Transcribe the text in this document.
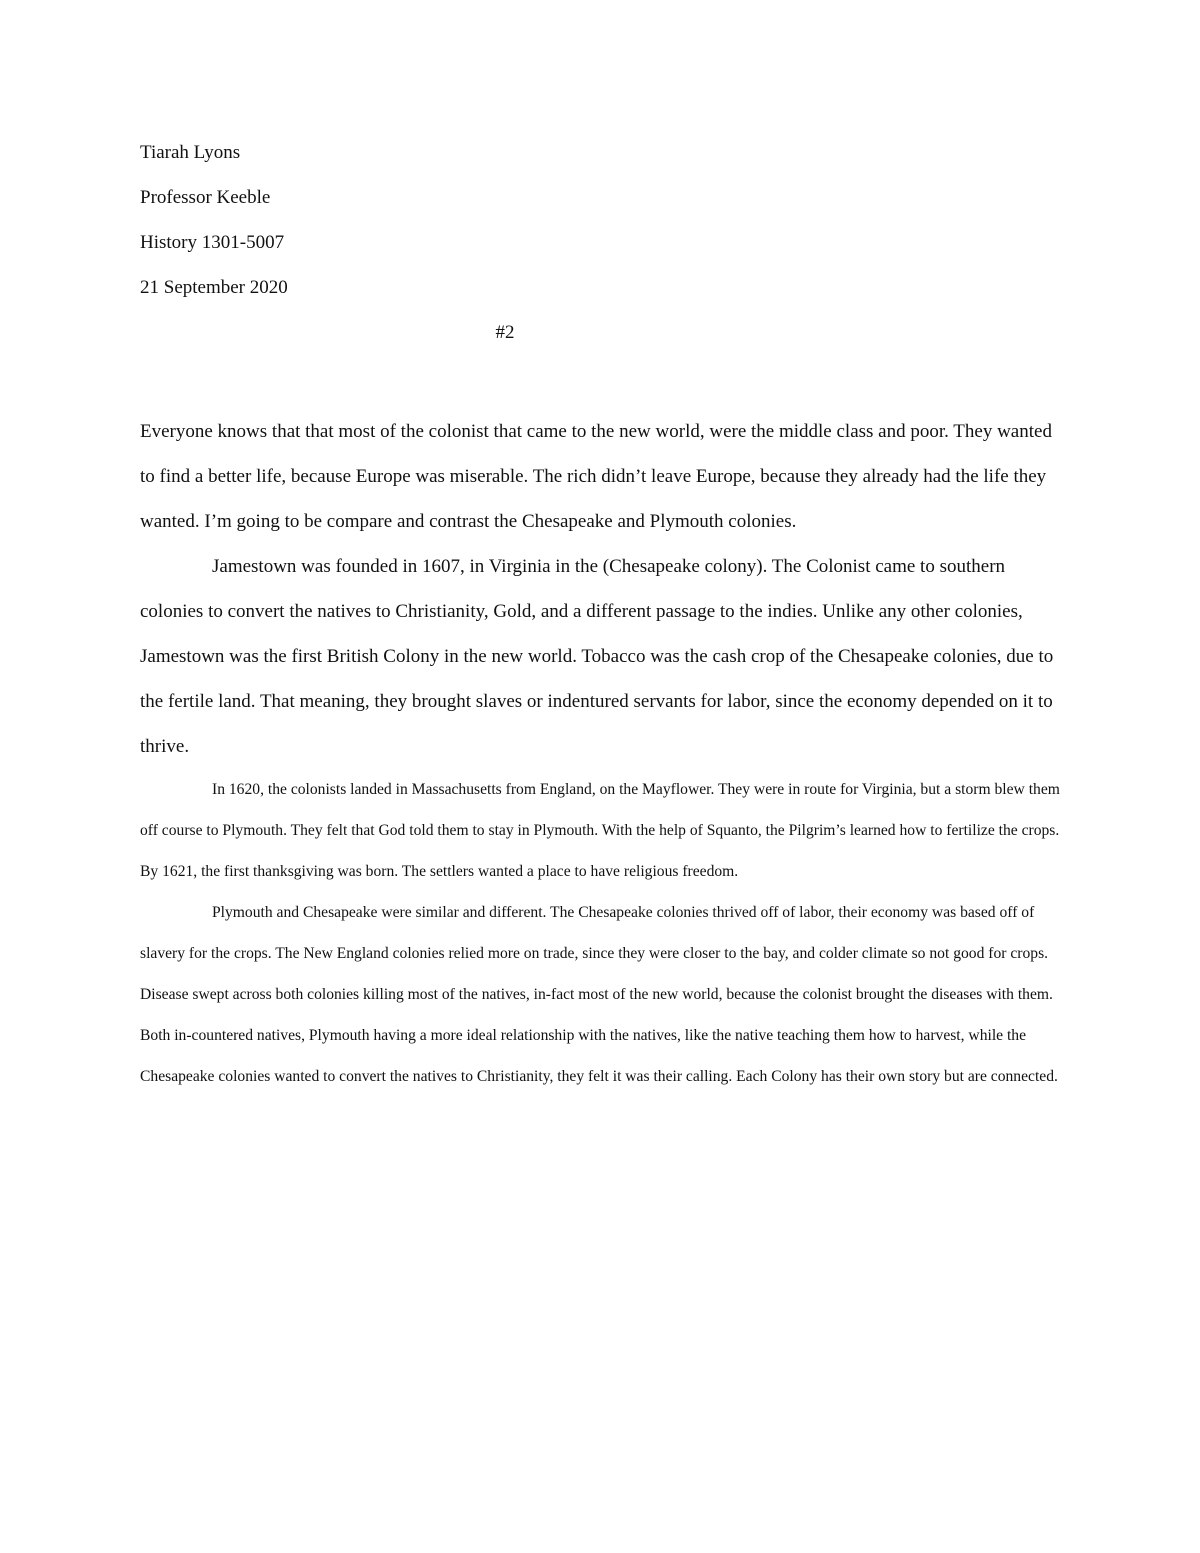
Tiarah Lyons
Professor Keeble
History 1301-5007
21 September 2020
#2

Everyone knows that that most of the colonist that came to the new world, were the middle class and poor. They wanted to find a better life, because Europe was miserable. The rich didn’t leave Europe, because they already had the life they wanted. I’m going to be compare and contrast the Chesapeake and Plymouth colonies.

Jamestown was founded in 1607, in Virginia in the (Chesapeake colony). The Colonist came to southern colonies to convert the natives to Christianity, Gold, and a different passage to the indies. Unlike any other colonies, Jamestown was the first British Colony in the new world. Tobacco was the cash crop of the Chesapeake colonies, due to the fertile land. That meaning, they brought slaves or indentured servants for labor, since the economy depended on it to thrive.

In 1620, the colonists landed in Massachusetts from England, on the Mayflower. They were in route for Virginia, but a storm blew them off course to Plymouth. They felt that God told them to stay in Plymouth. With the help of Squanto, the Pilgrim’s learned how to fertilize the crops. By 1621, the first thanksgiving was born. The settlers wanted a place to have religious freedom.

Plymouth and Chesapeake were similar and different. The Chesapeake colonies thrived off of labor, their economy was based off of slavery for the crops. The New England colonies relied more on trade, since they were closer to the bay, and colder climate so not good for crops. Disease swept across both colonies killing most of the natives, in-fact most of the new world, because the colonist brought the diseases with them. Both in-countered natives, Plymouth having a more ideal relationship with the natives, like the native teaching them how to harvest, while the Chesapeake colonies wanted to convert the natives to Christianity, they felt it was their calling. Each Colony has their own story but are connected.
